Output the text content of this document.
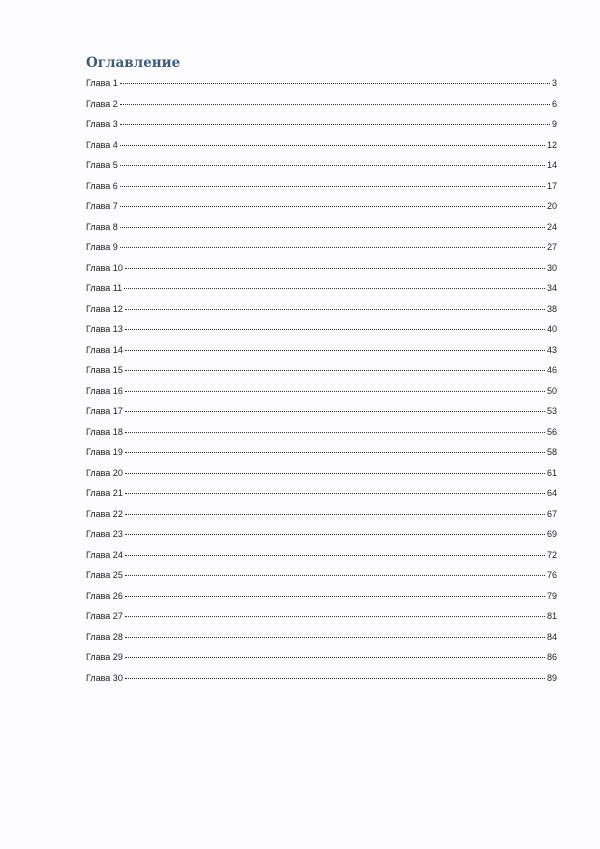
Оглавление
Глава 1	3
Глава 2	6
Глава 3	9
Глава 4	12
Глава 5	14
Глава 6	17
Глава 7	20
Глава 8	24
Глава 9	27
Глава 10	30
Глава 11	34
Глава 12	38
Глава 13	40
Глава 14	43
Глава 15	46
Глава 16	50
Глава 17	53
Глава 18	56
Глава 19	58
Глава 20	61
Глава 21	64
Глава 22	67
Глава 23	69
Глава 24	72
Глава 25	76
Глава 26	79
Глава 27	81
Глава 28	84
Глава 29	86
Глава 30	89
